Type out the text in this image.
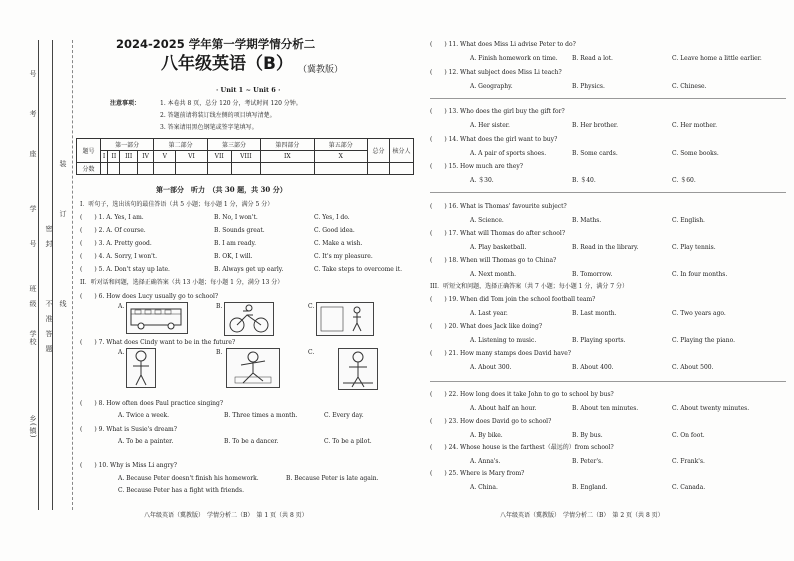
号
考
座
学
号
班
级
学校
乡(镇)
装
订
线
密
封
不
准
答
题
2024-2025 学年第一学期学情分析二
八年级英语（B） （冀教版）
· Unit 1 ~ Unit 6 ·
注意事项：	1. 本卷共 8 页，总分 120 分，考试时间 120 分钟。
2. 答题前请将装订线左侧的项目填写清楚。
3. 答案请用黑色钢笔或签字笔填写。
题号	第一部分				第二部分		第三部分		第四部分	第五部分	总分	核分人
	I	II	III	IV	V	VI	VII	VIII	IX	X		
分数												
第一部分　听力　（共 30 题，共 30 分）
I．听句子，选出该句的最佳答语（共 5 小题；每小题 1 分，满分 5 分）
(　　) 1. A. Yes, I am.	B. No, I won't.	C. Yes, I do.
(　　) 2. A. Of course.	B. Sounds great.	C. Good idea.
(　　) 3. A. Pretty good.	B. I am ready.	C. Make a wish.
(　　) 4. A. Sorry, I won't.	B. OK, I will.	C. It's my pleasure.
(　　) 5. A. Don't stay up late.	B. Always get up early.	C. Take steps to overcome it.
II．听对话和问题，选择正确答案（共 13 小题；每小题 1 分，满分 13 分）
(　　) 6. How does Lucy usually go to school?
A.	B.	C.
(　　) 7. What does Cindy want to be in the future?
A.	B.	C.
(　　) 8. How often does Paul practice singing?
A. Twice a week.	B. Three times a month.	C. Every day.
(　　) 9. What is Susie's dream?
A. To be a painter.	B. To be a dancer.	C. To be a pilot.
(　　) 10. Why is Miss Li angry?
A. Because Peter doesn't finish his homework.	B. Because Peter is late again.
C. Because Peter has a fight with friends.
八年级英语（冀教版）　学情分析二（B）　第 1 页（共 8 页）
(　　) 11. What does Miss Li advise Peter to do?
A. Finish homework on time. B. Read a lot.	C. Leave home a little earlier.
(　　) 12. What subject does Miss Li teach?
A. Geography.	B. Physics.	C. Chinese.
(　　) 13. Who does the girl buy the gift for?
A. Her sister.	B. Her brother.	C. Her mother.
(　　) 14. What does the girl want to buy?
A. A pair of sports shoes.	B. Some cards.	C. Some books.
(　　) 15. How much are they?
A. ＄30.	B. ＄40.	C. ＄60.
(　　) 16. What is Thomas' favourite subject?
A. Science.	B. Maths.	C. English.
(　　) 17. What will Thomas do after school?
A. Play basketball.	B. Read in the library.	C. Play tennis.
(　　) 18. When will Thomas go to China?
A. Next month.	B. Tomorrow.	C. In four months.
III．听短文和问题，选择正确答案（共 7 小题；每小题 1 分，满分 7 分）
(　　) 19. When did Tom join the school football team?
A. Last year.	B. Last month.	C. Two years ago.
(　　) 20. What does Jack like doing?
A. Listening to music.	B. Playing sports.	C. Playing the piano.
(　　) 21. How many stamps does David have?
A. About 300.	B. About 400.	C. About 500.
(　　) 22. How long does it take John to go to school by bus?
A. About half an hour.	B. About ten minutes.	C. About twenty minutes.
(　　) 23. How does David go to school?
A. By bike.	B. By bus.	C. On foot.
(　　) 24. Whose house is the farthest（最远的）from school?
A. Anna's.	B. Peter's.	C. Frank's.
(　　) 25. Where is Mary from?
A. China.	B. England.	C. Canada.
八年级英语（冀教版）　学情分析二（B）　第 2 页（共 8 页）
